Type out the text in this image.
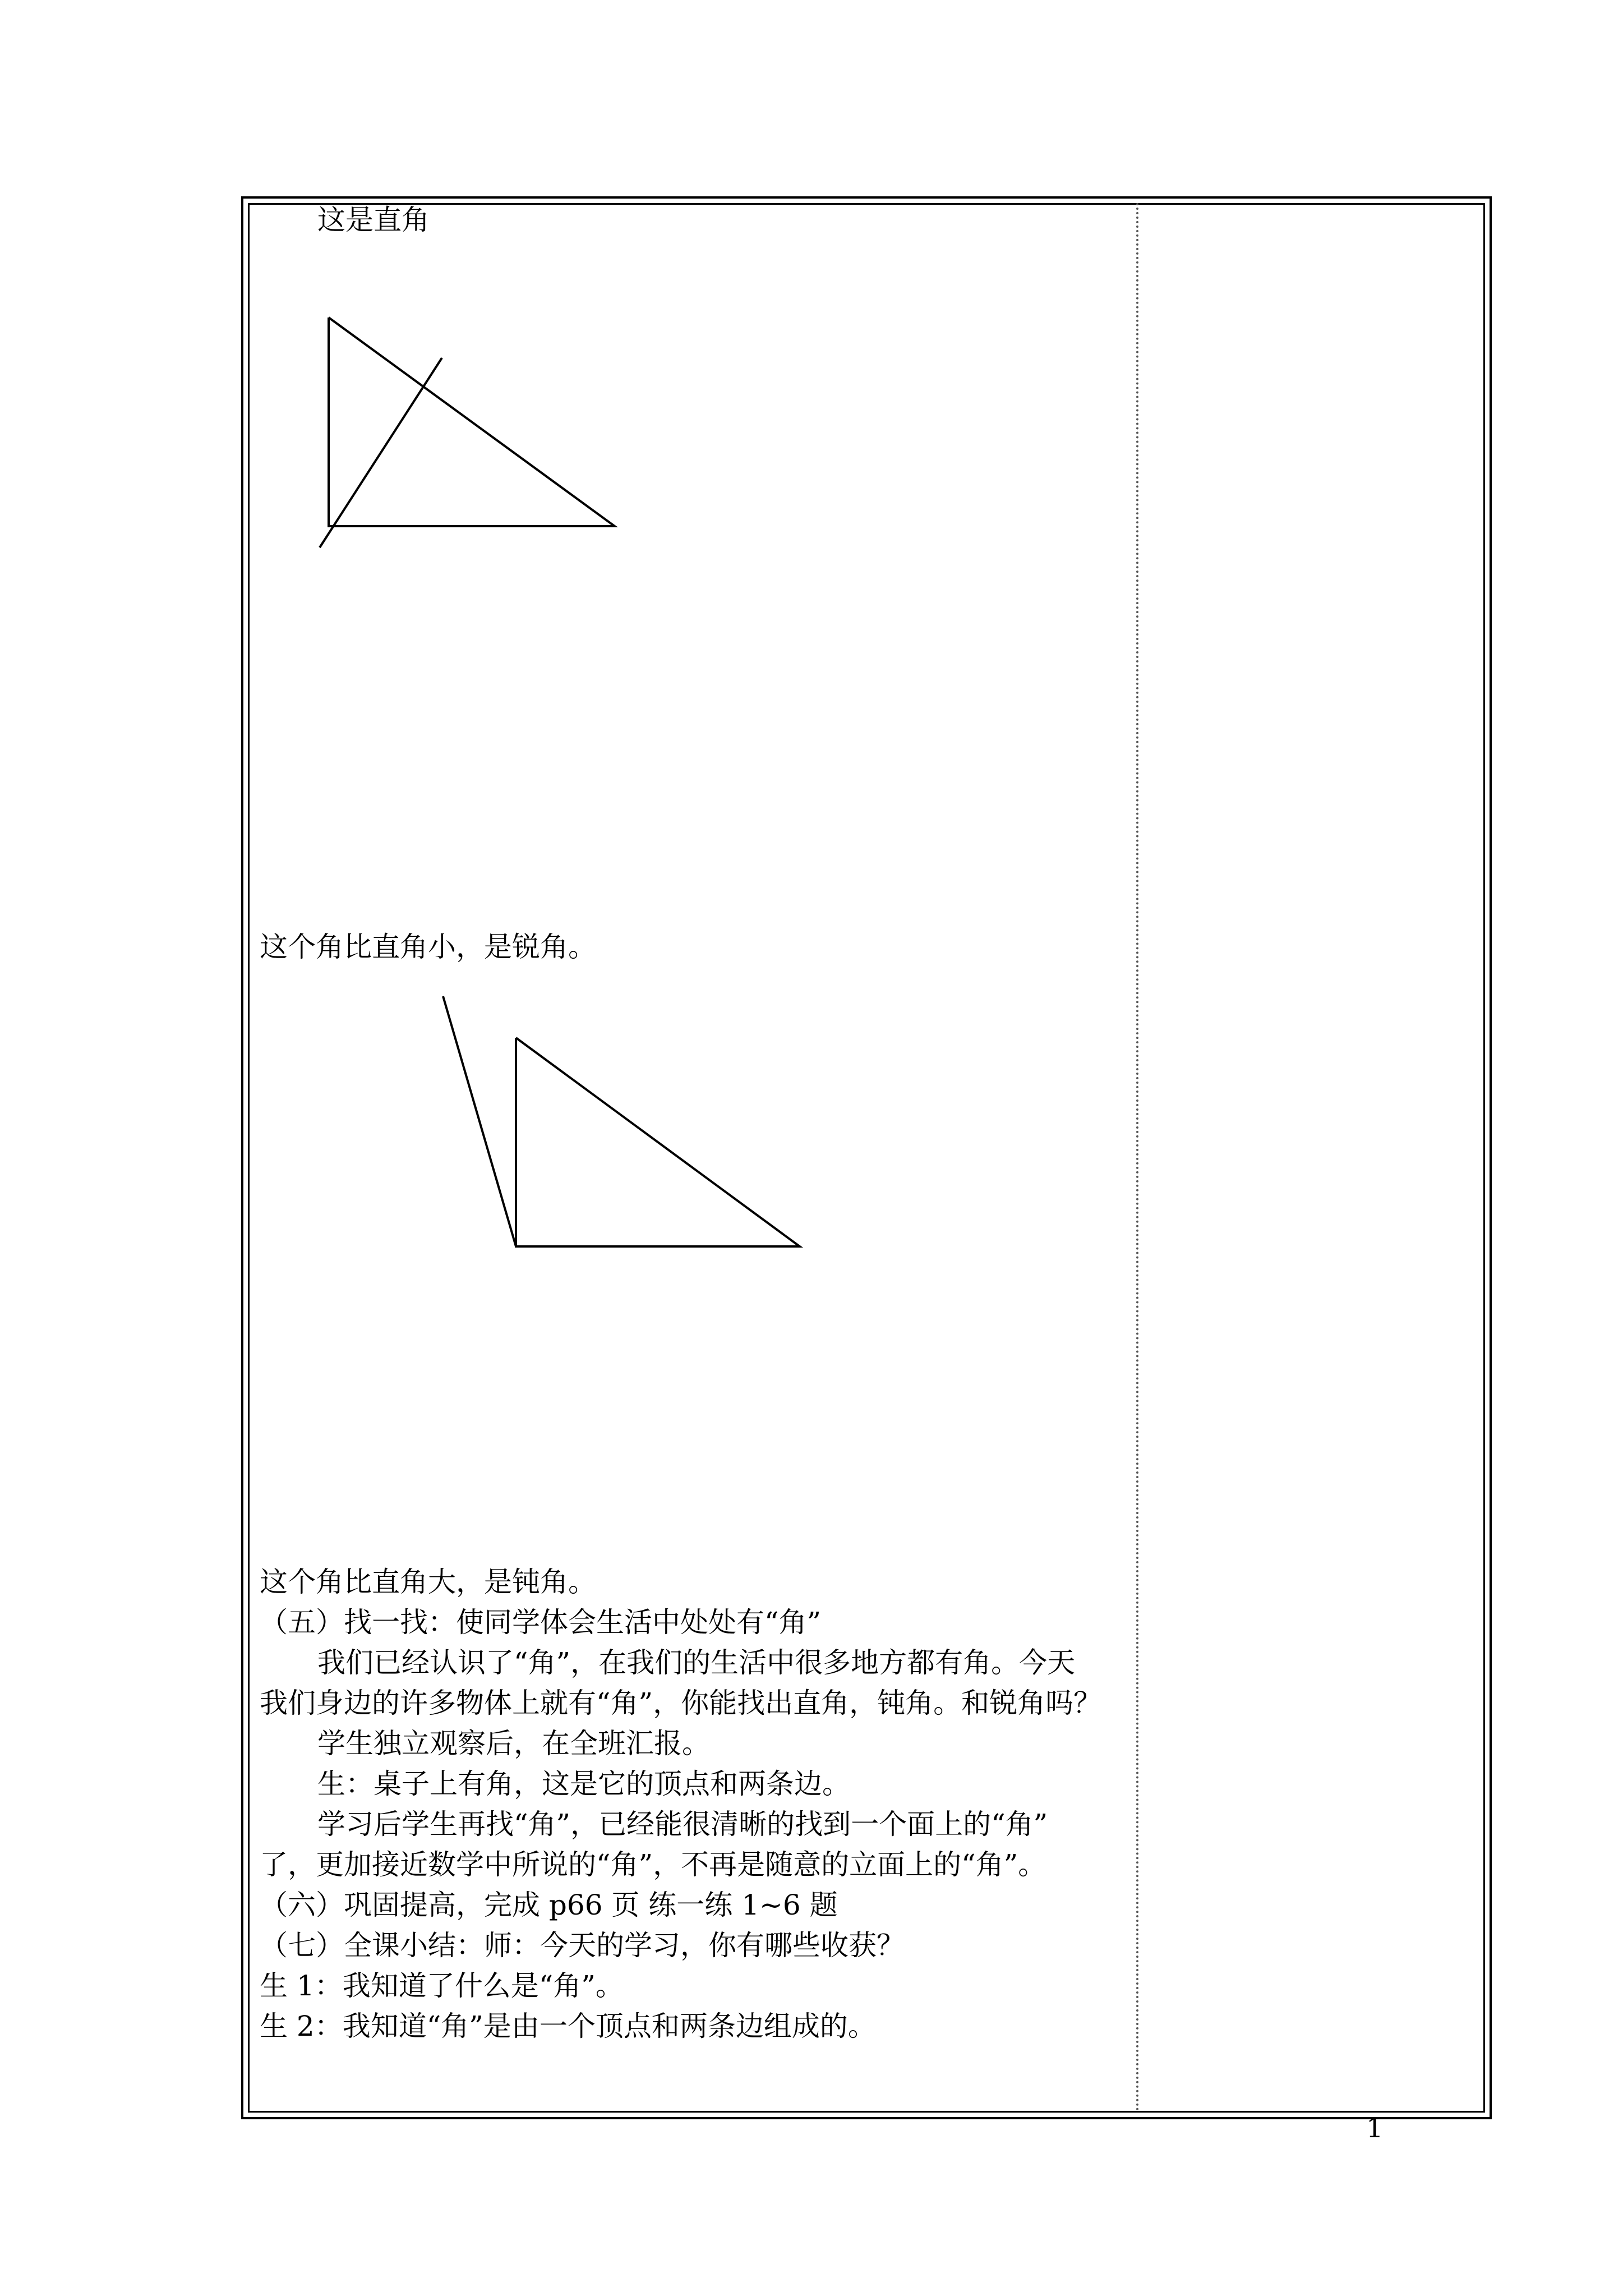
这是直角
这个角比直角小，是锐角。
这个角比直角大，是钝角。
（五）找一找：使同学体会生活中处处有“角”
我们已经认识了“角”，在我们的生活中很多地方都有角。今天
我们身边的许多物体上就有“角”，你能找出直角，钝角。和锐角吗？
学生独立观察后，在全班汇报。
生：桌子上有角，这是它的顶点和两条边。
学习后学生再找“角”，已经能很清晰的找到一个面上的“角”
了，更加接近数学中所说的“角”，不再是随意的立面上的“角”。
（六）巩固提高，完成 p66 页 练一练 1~6 题
（七）全课小结：师：今天的学习，你有哪些收获？
生 1：我知道了什么是“角”。
生 2：我知道“角”是由一个顶点和两条边组成的。
1
